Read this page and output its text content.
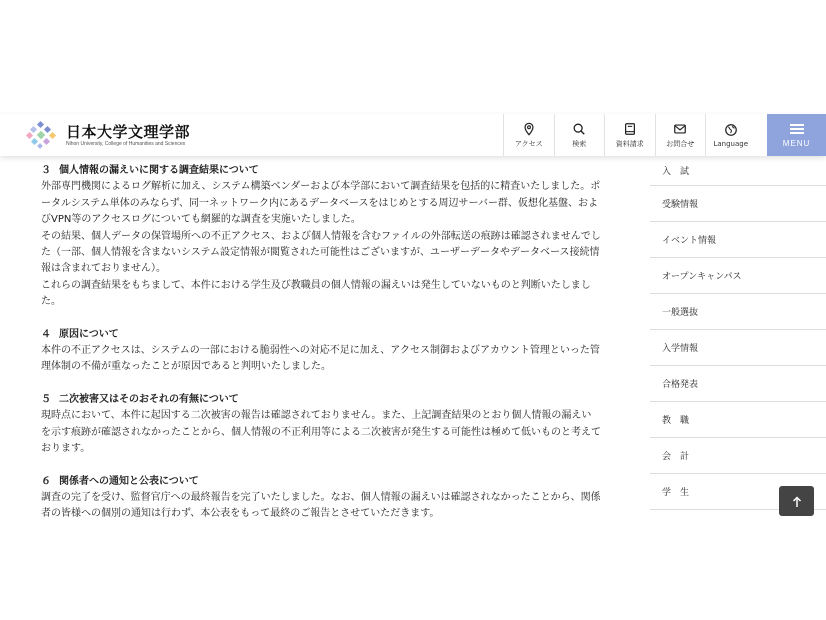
日本大学文理学部
Nihon University, College of Humanities and Sciences	アクセス	検索	資料請求	お問合せ	Language	MENU
３ 個人情報の漏えいに関する調査結果について

外部専門機関によるログ解析に加え、システム構築ベンダーおよび本学部において調査結果を包括的に精査いたしました。ポータルシステム単体のみならず、同一ネットワーク内にあるデータベースをはじめとする周辺サーバー群、仮想化基盤、およびVPN等のアクセスログについても網羅的な調査を実施いたしました。

その結果、個人データの保管場所への不正アクセス、および個人情報を含むファイルの外部転送の痕跡は確認されませんでした（一部、個人情報を含まないシステム設定情報が閲覧された可能性はございますが、ユーザーデータやデータベース接続情報は含まれておりません）。

これらの調査結果をもちまして、本件における学生及び教職員の個人情報の漏えいは発生していないものと判断いたしました。

４ 原因について

本件の不正アクセスは、システムの一部における脆弱性への対応不足に加え、アクセス制御およびアカウント管理といった管理体制の不備が重なったことが原因であると判明いたしました。

５ 二次被害又はそのおそれの有無について

現時点において、本件に起因する二次被害の報告は確認されておりません。また、上記調査結果のとおり個人情報の漏えいを示す痕跡が確認されなかったことから、個人情報の不正利用等による二次被害が発生する可能性は極めて低いものと考えております。

６ 関係者への通知と公表について

調査の完了を受け、監督官庁への最終報告を完了いたしました。なお、個人情報の漏えいは確認されなかったことから、関係者の皆様への個別の通知は行わず、本公表をもって最終のご報告とさせていただきます。

入　試
受験情報
イベント情報
オープンキャンパス
一般選抜
入学情報
合格発表
教　職
会　計
学　生
